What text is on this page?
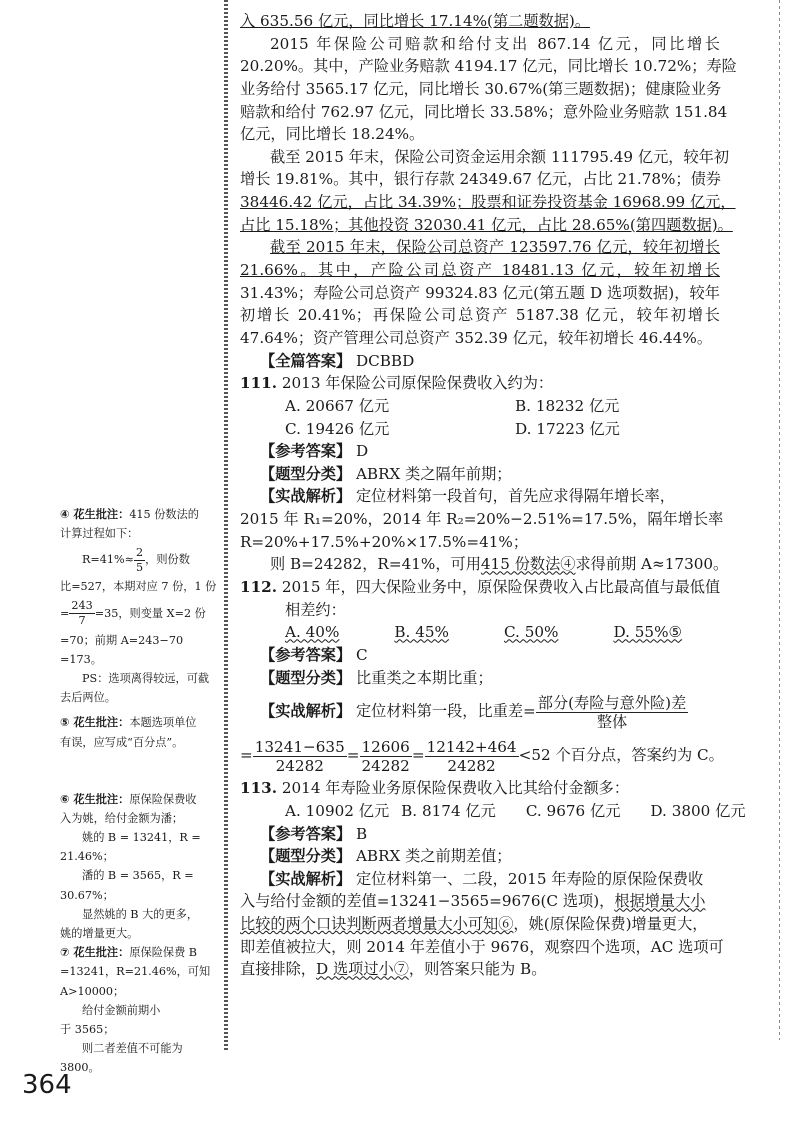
入 635.56 亿元，同比增长 17.14%(第二题数据)。
2015 年保险公司赔款和给付支出 867.14 亿元，同比增长
20.20%。其中，产险业务赔款 4194.17 亿元，同比增长 10.72%；寿险
业务给付 3565.17 亿元，同比增长 30.67%(第三题数据)；健康险业务
赔款和给付 762.97 亿元，同比增长 33.58%；意外险业务赔款 151.84
亿元，同比增长 18.24%。
截至 2015 年末，保险公司资金运用余额 111795.49 亿元，较年初
增长 19.81%。其中，银行存款 24349.67 亿元，占比 21.78%；债券
38446.42 亿元，占比 34.39%；股票和证券投资基金 16968.99 亿元，
占比 15.18%；其他投资 32030.41 亿元，占比 28.65%(第四题数据)。
截至 2015 年末，保险公司总资产 123597.76 亿元，较年初增长
21.66%。其中，产险公司总资产 18481.13 亿元，较年初增长
31.43%；寿险公司总资产 99324.83 亿元(第五题 D 选项数据)，较年
初增长 20.41%；再保险公司总资产 5187.38 亿元，较年初增长
47.64%；资产管理公司总资产 352.39 亿元，较年初增长 46.44%。
【全篇答案】 DCBBD
111. 2013 年保险公司原保险保费收入约为：
A. 20667 亿元	B. 18232 亿元
C. 19426 亿元	D. 17223 亿元
【参考答案】 D
【题型分类】 ABRX 类之隔年前期；
【实战解析】 定位材料第一段首句，首先应求得隔年增长率，
2015 年 R₁=20%，2014 年 R₂=20%−2.51%=17.5%，隔年增长率
R=20%+17.5%+20%×17.5%=41%；
则 B=24282，R=41%，可用415 份数法④求得前期 A≈17300。
112. 2015 年，四大保险业务中，原保险保费收入占比最高值与最低值
相差约：
A. 40%	B. 45%	C. 50%	D. 55%⑤
【参考答案】 C
【题型分类】 比重类之本期比重；
【实战解析】 定位材料第一段，比重差= $\frac{\text{部分(寿险与意外险)差}}{\text{整体}}$
= $\frac{13241-635}{24282} = \frac{12606}{24282} = \frac{12142+464}{24282} <52$ 个百分点，答案约为 C。
113. 2014 年寿险业务原保险保费收入比其给付金额多：
A. 10902 亿元 B. 8174 亿元 C. 9676 亿元 D. 3800 亿元
【参考答案】 B
【题型分类】 ABRX 类之前期差值；
【实战解析】 定位材料第一、二段，2015 年寿险的原保险保费收
入与给付金额的差值=13241−3565=9676(C 选项)，根据增量大小
比较的两个口诀判断两者增量大小可知⑥，姚(原保险保费)增量更大，
即差值被拉大，则 2014 年差值小于 9676，观察四个选项，AC 选项可
直接排除，D 选项过小⑦，则答案只能为 B。
④ 花生批注：415 份数法的
计算过程如下：
$R=41\%\approx \frac{2}{5}$ ，则份数
比=527，本期对应 7 份，1 份
= $\frac{243}{7} =35$，则变量 X=2 份
=70；前期 A=243−70
=173。
PS：选项离得较远，可截
去后两位。
⑤ 花生批注：本题选项单位
有误，应写成“百分点”。
⑥ 花生批注：原保险保费收
入为姚，给付金额为潘；
姚的 B = 13241，R =
21.46%；
潘的 B = 3565，R =
30.67%；
显然姚的 B 大的更多，
姚的增量更大。
⑦ 花生批注：原保险保费 B
=13241，R=21.46%，可知
A>10000；
给付金额前期小
于 3565；
则二者差值不可能为
3800。
364
